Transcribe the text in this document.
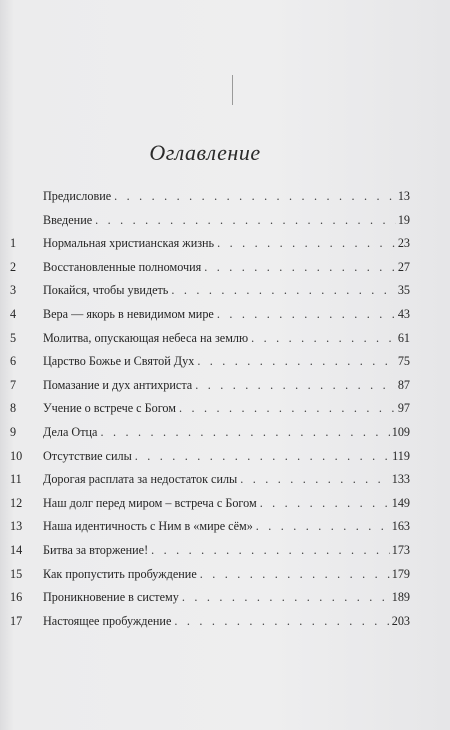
Оглавление
Предисловие . . .	13
Введение . . .	19
1	Нормальная христианская жизнь . . .	23
2	Восстановленные полномочия . . .	27
3	Покайся, чтобы увидеть . . .	35
4	Вера — якорь в невидимом мире . . .	43
5	Молитва, опускающая небеса на землю . . .	61
6	Царство Божье и Святой Дух . . .	75
7	Помазание и дух антихриста . . .	87
8	Учение о встрече с Богом . . .	97
9	Дела Отца . . .	109
10	Отсутствие силы . . .	119
11	Дорогая расплата за недостаток силы . . .	133
12	Наш долг перед миром – встреча с Богом . . .	149
13	Наша идентичность с Ним в «мире сём» . . .	163
14	Битва за вторжение! . . .	173
15	Как пропустить пробуждение . . .	179
16	Проникновение в систему . . .	189
17	Настоящее пробуждение . . .	203
